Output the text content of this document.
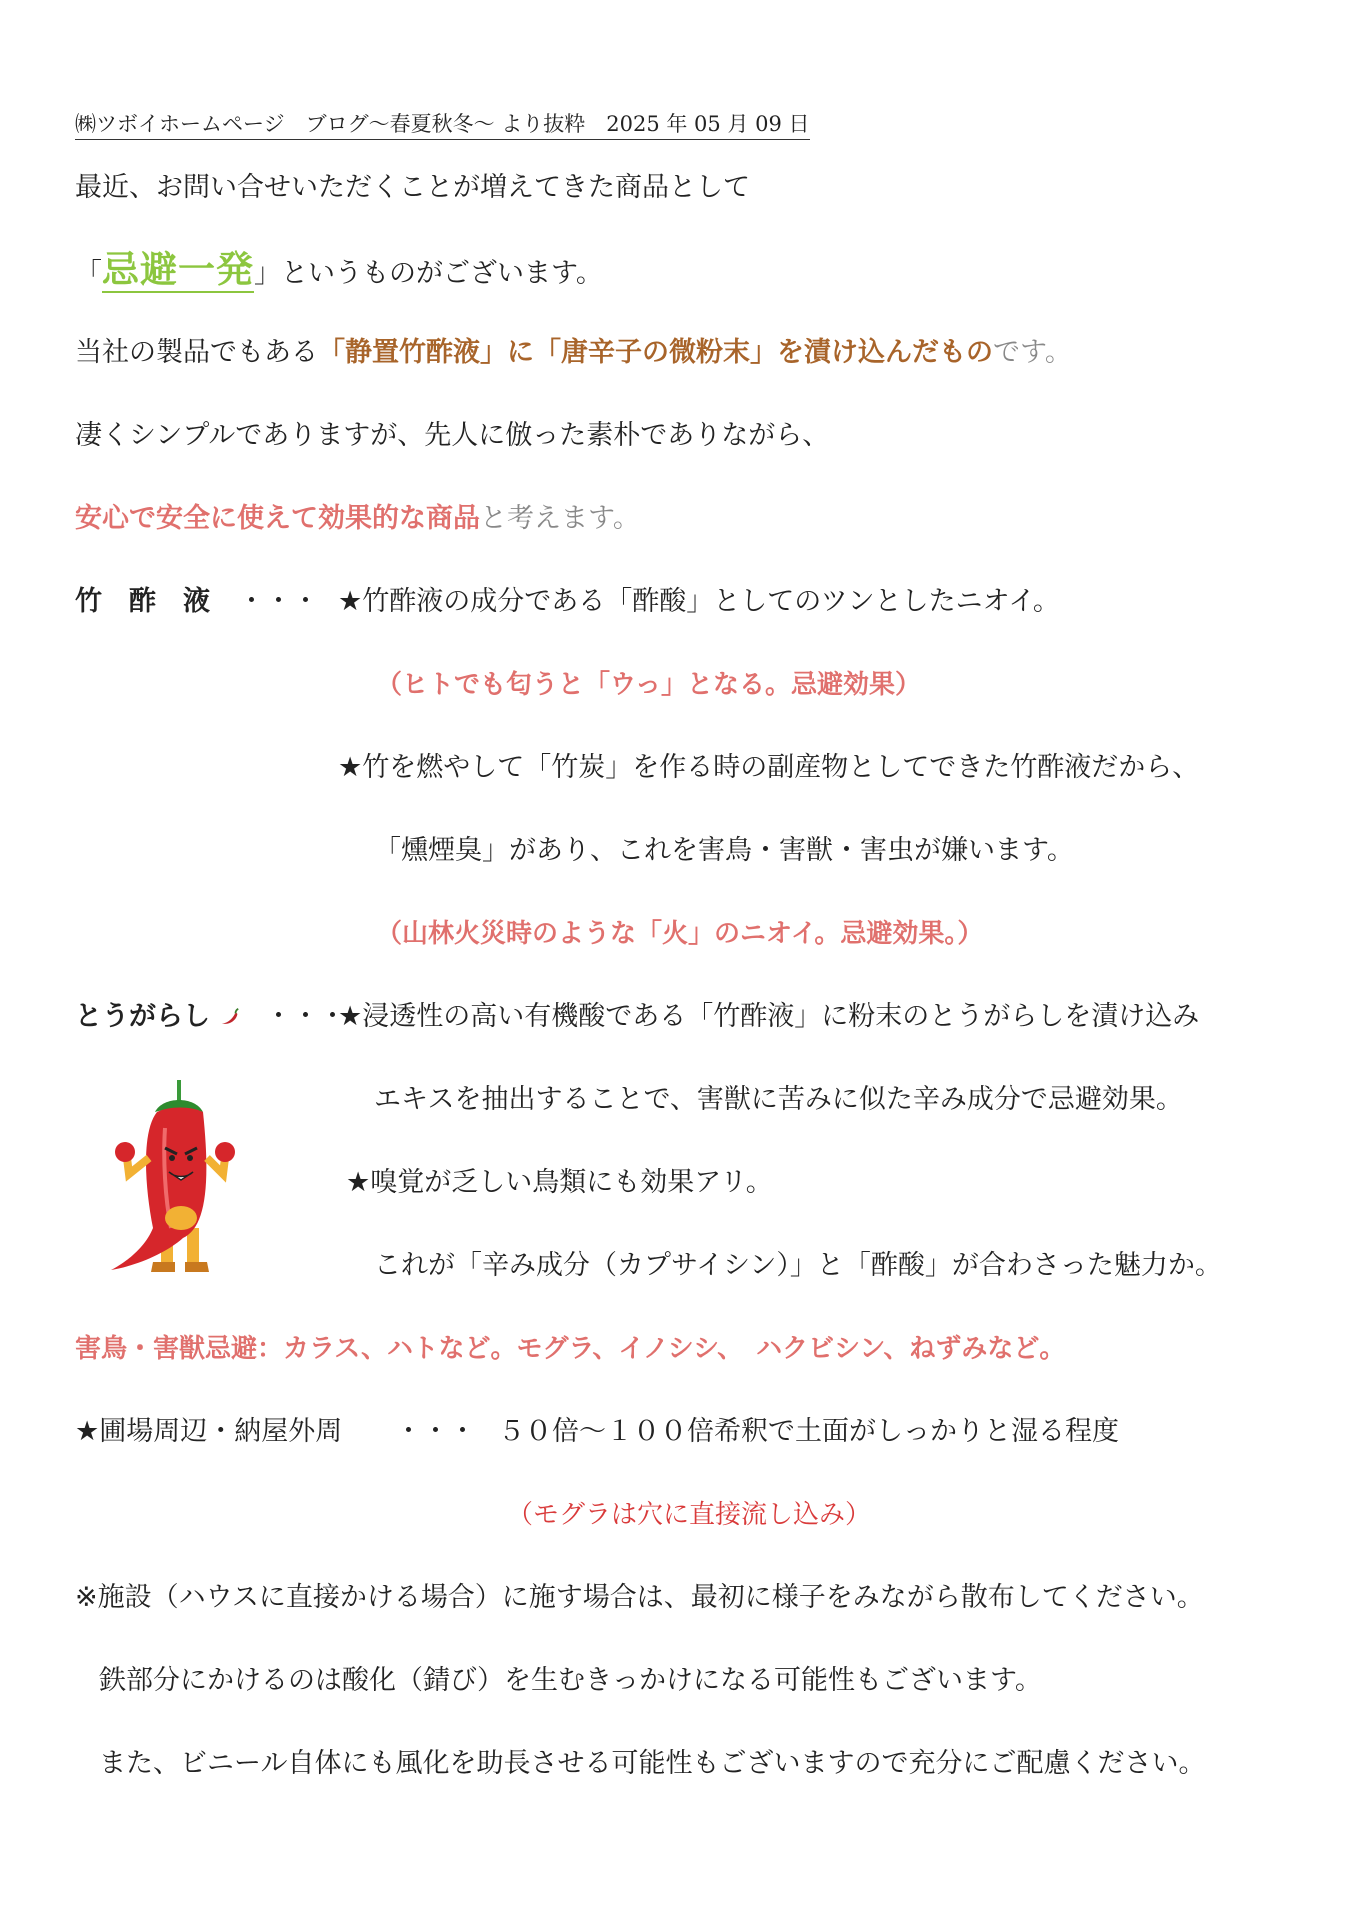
㈱ツボイホームページ　ブログ～春夏秋冬～ より抜粋　2025 年 05 月 09 日
最近、お問い合せいただくことが増えてきた商品として
「忌避一発」というものがございます。
当社の製品でもある「静置竹酢液」に「唐辛子の微粉末」を漬け込んだものです。
凄くシンプルでありますが、先人に倣った素朴でありながら、
安心で安全に使えて効果的な商品と考えます。
竹　酢　液 ・・・ ★竹酢液の成分である「酢酸」としてのツンとしたニオイ。
（ヒトでも匂うと「ウっ」となる。忌避効果）
★竹を燃やして「竹炭」を作る時の副産物としてできた竹酢液だから、
「燻煙臭」があり、これを害鳥・害獣・害虫が嫌います。
（山林火災時のような「火」のニオイ。忌避効果。）
とうがらし	・・・
★浸透性の高い有機酸である「竹酢液」に粉末のとうがらしを漬け込み
エキスを抽出することで、害獣に苦みに似た辛み成分で忌避効果。
★嗅覚が乏しい鳥類にも効果アリ。
これが「辛み成分（カプサイシン）」と「酢酸」が合わさった魅力か。
害鳥・害獣忌避：カラス、ハトなど。モグラ、イノシシ、　ハクビシン、ねずみなど。
★圃場周辺・納屋外周 ・・・ ５０倍～１００倍希釈で土面がしっかりと湿る程度
（モグラは穴に直接流し込み）
※施設（ハウスに直接かける場合）に施す場合は、最初に様子をみながら散布してください。
鉄部分にかけるのは酸化（錆び）を生むきっかけになる可能性もございます。
また、ビニール自体にも風化を助長させる可能性もございますので充分にご配慮ください。
